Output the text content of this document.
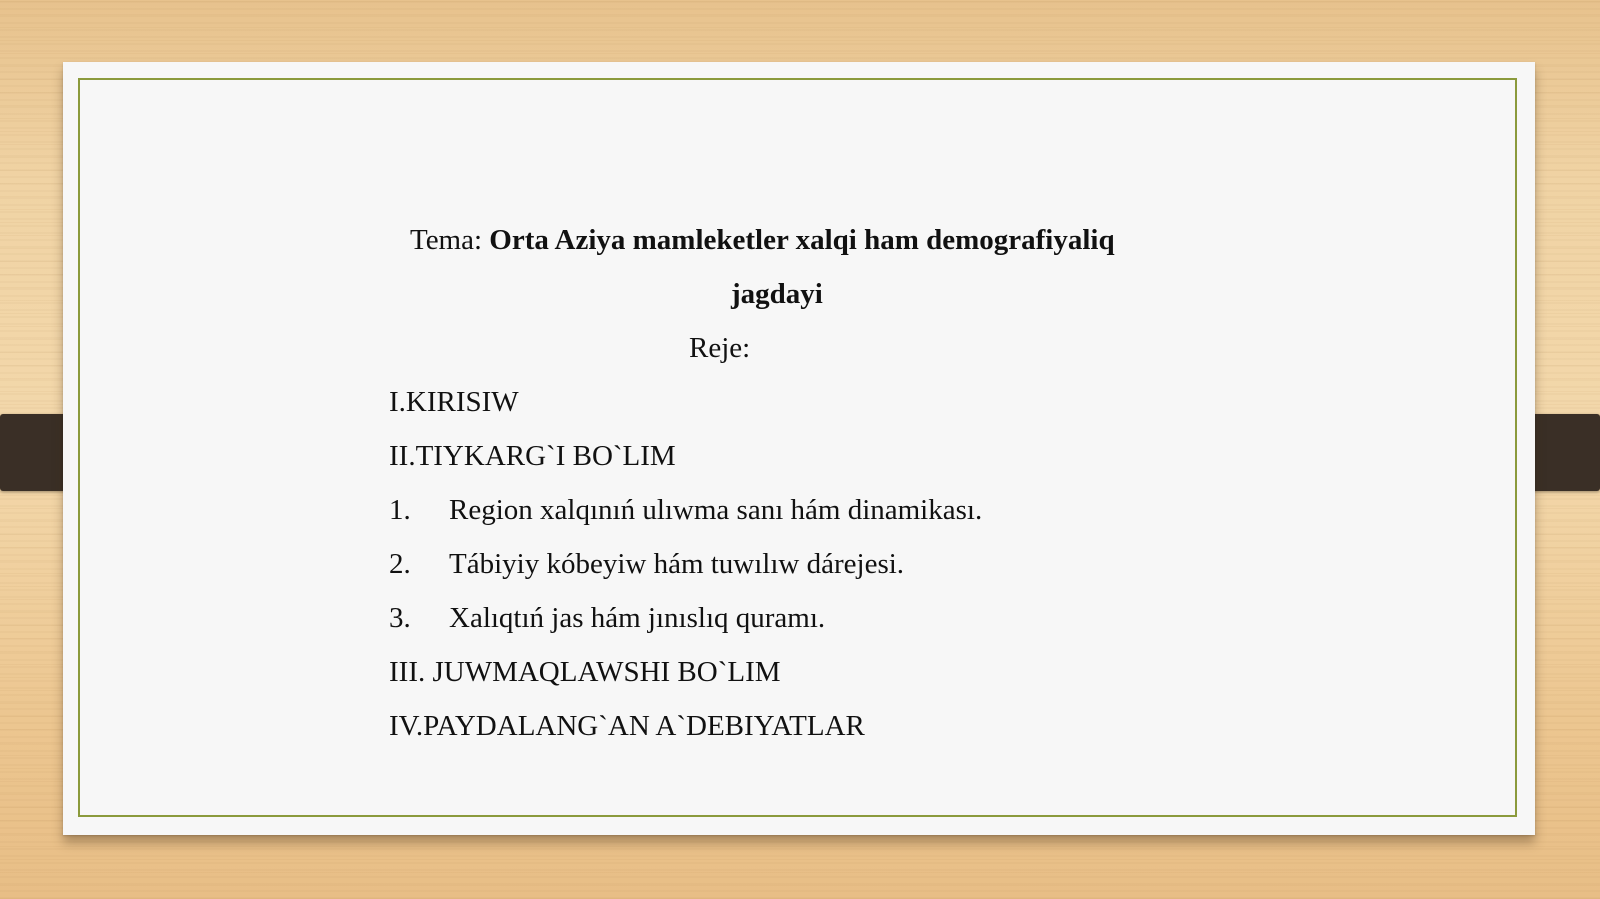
Tema: Orta Aziya mamleketler xalqi ham demografiyaliq
jagdayi
Reje:
I.KIRISIW
II.TIYKARG`I BO`LIM
1. Region xalqınıń ulıwma sanı hám dinamikası.
2. Tábiyiy kóbeyiw hám tuwılıw dárejesi.
3. Xalıqtıń jas hám jınıslıq quramı.
III. JUWMAQLAWSHI BO`LIM
IV.PAYDALANG`AN A`DEBIYATLAR
